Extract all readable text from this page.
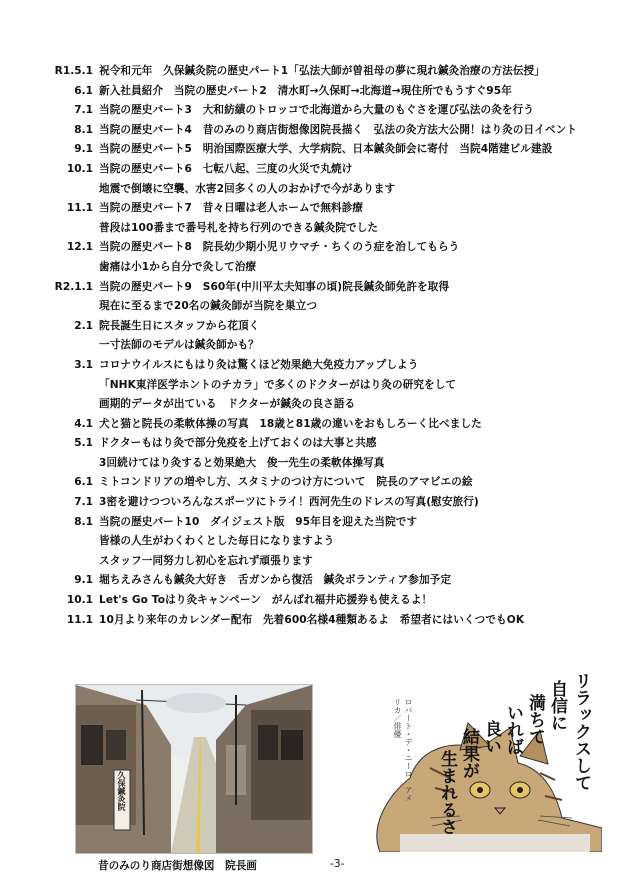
R1.5.1 祝令和元年　久保鍼灸院の歴史パート1「弘法大師が曽祖母の夢に現れ鍼灸治療の方法伝授」
6.1 新入社員紹介　当院の歴史パート2　清水町→久保町→北海道→現住所でもうすぐ95年
7.1 当院の歴史パート3　大和紡績のトロッコで北海道から大量のもぐさを運び弘法の灸を行う
8.1 当院の歴史パート4　昔のみのり商店街想像図院長描く　弘法の灸方法大公開！はり灸の日イベント
9.1 当院の歴史パート5　明治国際医療大学、大学病院、日本鍼灸師会に寄付　当院4階建ビル建設
10.1 当院の歴史パート6　七転八起、三度の火災で丸焼け
地震で倒壊に空襲、水害2回多くの人のおかげで今があります
11.1 当院の歴史パート7　昔々日曜は老人ホームで無料診療
普段は100番まで番号札を持ち行列のできる鍼灸院でした
12.1 当院の歴史パート8　院長幼少期小児リウマチ・ちくのう症を治してもらう
歯痛は小1から自分で灸して治療
R2.1.1 当院の歴史パート9　S60年(中川平太夫知事の頃)院長鍼灸師免許を取得
現在に至るまで20名の鍼灸師が当院を巣立つ
2.1 院長誕生日にスタッフから花頂く
一寸法師のモデルは鍼灸師かも？
3.1 コロナウイルスにもはり灸は驚くほど効果絶大免疫力アップしよう
「NHK東洋医学ホントのチカラ」で多くのドクターがはり灸の研究をして
画期的データが出ている　ドクターが鍼灸の良さ語る
4.1 犬と猫と院長の柔軟体操の写真　18歳と81歳の違いをおもしろーく比べました
5.1 ドクターもはり灸で部分免疫を上げておくのは大事と共感
3回続けてはり灸すると効果絶大　俊一先生の柔軟体操写真
6.1 ミトコンドリアの増やし方、スタミナのつけ方について　院長のアマビエの絵
7.1 3密を避けつついろんなスポーツにトライ！西河先生のドレスの写真(慰安旅行)
8.1 当院の歴史パート10　ダイジェスト版　95年目を迎えた当院です
皆様の人生がわくわくとした毎日になりますよう
スタッフ一同努力し初心を忘れず頑張ります
9.1 堀ちえみさんも鍼灸大好き　舌ガンから復活　鍼灸ボランティア参加予定
10.1 Let's Go Toはり灸キャンペーン　がんばれ福井応援券も使えるよ！
11.1 10月より来年のカレンダー配布　先着600名様4種類あるよ　希望者にはいくつでもOK
久保鍼灸院
昔のみのり商店街想像図　院長画	-3-
リラックスして
自信に
満ちて
いれば
良い
結果が
生まれるさ
ロバート・デ・ニーロ　アメリカ／俳優
